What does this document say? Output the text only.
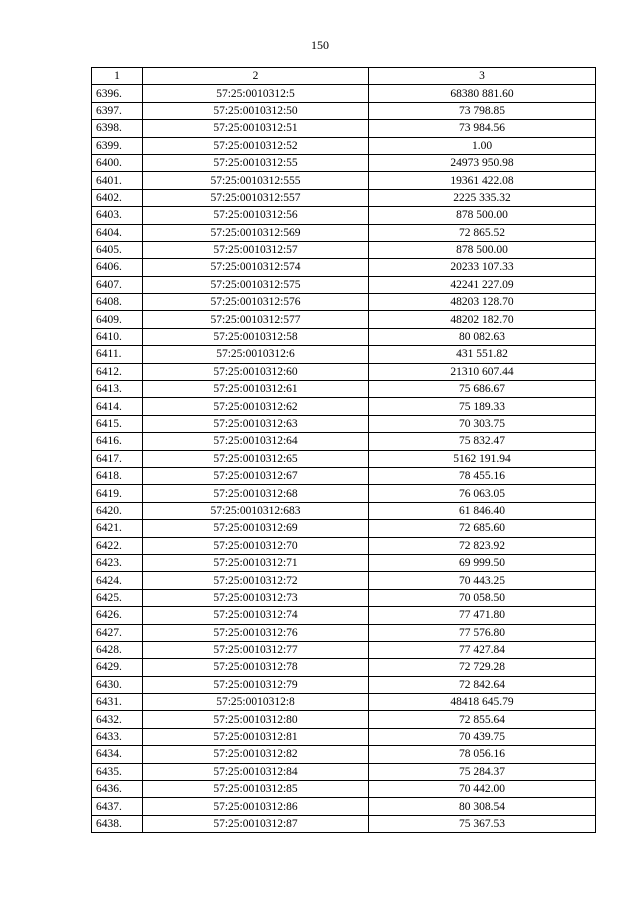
150
1	2	3
6396.	57:25:0010312:5	68380 881.60
6397.	57:25:0010312:50	73 798.85
6398.	57:25:0010312:51	73 984.56
6399.	57:25:0010312:52	1.00
6400.	57:25:0010312:55	24973 950.98
6401.	57:25:0010312:555	19361 422.08
6402.	57:25:0010312:557	2225 335.32
6403.	57:25:0010312:56	878 500.00
6404.	57:25:0010312:569	72 865.52
6405.	57:25:0010312:57	878 500.00
6406.	57:25:0010312:574	20233 107.33
6407.	57:25:0010312:575	42241 227.09
6408.	57:25:0010312:576	48203 128.70
6409.	57:25:0010312:577	48202 182.70
6410.	57:25:0010312:58	80 082.63
6411.	57:25:0010312:6	431 551.82
6412.	57:25:0010312:60	21310 607.44
6413.	57:25:0010312:61	75 686.67
6414.	57:25:0010312:62	75 189.33
6415.	57:25:0010312:63	70 303.75
6416.	57:25:0010312:64	75 832.47
6417.	57:25:0010312:65	5162 191.94
6418.	57:25:0010312:67	78 455.16
6419.	57:25:0010312:68	76 063.05
6420.	57:25:0010312:683	61 846.40
6421.	57:25:0010312:69	72 685.60
6422.	57:25:0010312:70	72 823.92
6423.	57:25:0010312:71	69 999.50
6424.	57:25:0010312:72	70 443.25
6425.	57:25:0010312:73	70 058.50
6426.	57:25:0010312:74	77 471.80
6427.	57:25:0010312:76	77 576.80
6428.	57:25:0010312:77	77 427.84
6429.	57:25:0010312:78	72 729.28
6430.	57:25:0010312:79	72 842.64
6431.	57:25:0010312:8	48418 645.79
6432.	57:25:0010312:80	72 855.64
6433.	57:25:0010312:81	70 439.75
6434.	57:25:0010312:82	78 056.16
6435.	57:25:0010312:84	75 284.37
6436.	57:25:0010312:85	70 442.00
6437.	57:25:0010312:86	80 308.54
6438.	57:25:0010312:87	75 367.53
